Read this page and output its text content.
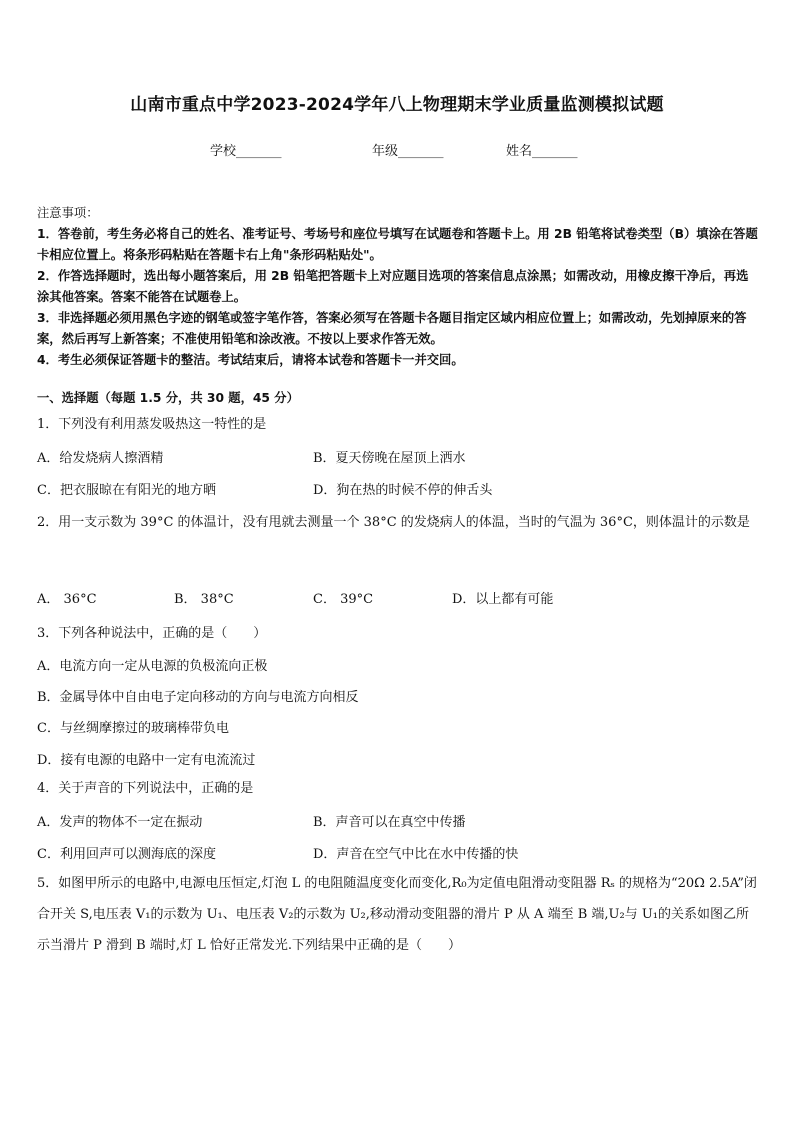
山南市重点中学2023-2024学年八上物理期末学业质量监测模拟试题
学校_______	年级_______	姓名_______
注意事项：
1．答卷前，考生务必将自己的姓名、准考证号、考场号和座位号填写在试题卷和答题卡上。用 2B 铅笔将试卷类型（B）填涂在答题卡相应位置上。将条形码粘贴在答题卡右上角"条形码粘贴处"。
2．作答选择题时，选出每小题答案后，用 2B 铅笔把答题卡上对应题目选项的答案信息点涂黑；如需改动，用橡皮擦干净后，再选涂其他答案。答案不能答在试题卷上。
3．非选择题必须用黑色字迹的钢笔或签字笔作答，答案必须写在答题卡各题目指定区域内相应位置上；如需改动，先划掉原来的答案，然后再写上新答案；不准使用铅笔和涂改液。不按以上要求作答无效。
4．考生必须保证答题卡的整洁。考试结束后，请将本试卷和答题卡一并交回。
一、选择题（每题 1.5 分，共 30 题，45 分）
1．下列没有利用蒸发吸热这一特性的是
A．给发烧病人擦酒精	B．夏天傍晚在屋顶上洒水
C．把衣服晾在有阳光的地方晒	D．狗在热的时候不停的伸舌头
2．用一支示数为 39°C 的体温计，没有甩就去测量一个 38°C 的发烧病人的体温，当时的气温为 36°C，则体温计的示数是
A． 36°C	B． 38°C	C． 39°C	D．以上都有可能
3．下列各种说法中，正确的是（　　）
A．电流方向一定从电源的负极流向正极
B．金属导体中自由电子定向移动的方向与电流方向相反
C．与丝绸摩擦过的玻璃棒带负电
D．接有电源的电路中一定有电流流过
4．关于声音的下列说法中，正确的是
A．发声的物体不一定在振动	B．声音可以在真空中传播
C．利用回声可以测海底的深度	D．声音在空气中比在水中传播的快
5．如图甲所示的电路中,电源电压恒定,灯泡 L 的电阻随温度变化而变化,R₀为定值电阻滑动变阻器 Rₛ 的规格为“20Ω 2.5A”闭合开关 S,电压表 V₁的示数为 U₁、电压表 V₂的示数为 U₂,移动滑动变阻器的滑片 P 从 A 端至 B 端,U₂与 U₁的关系如图乙所示当滑片 P 滑到 B 端时,灯 L 恰好正常发光.下列结果中正确的是（　　）
